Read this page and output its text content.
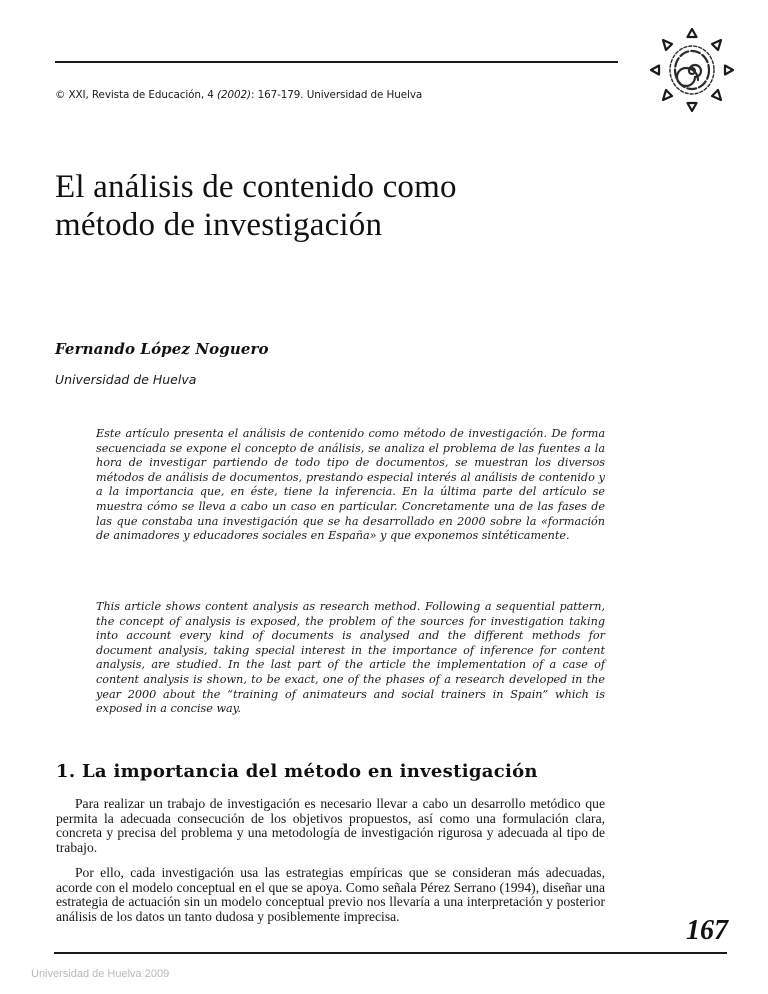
© XXI, Revista de Educación, 4 (2002): 167-179. Universidad de Huelva
El análisis de contenido como
método de investigación
Fernando López Noguero
Universidad de Huelva

Este artículo presenta el análisis de contenido como método de investigación. De forma secuenciada se expone el concepto de análisis, se analiza el problema de las fuentes a la hora de investigar partiendo de todo tipo de documentos, se muestran los diversos métodos de análisis de documentos, prestando especial interés al análisis de contenido y a la importancia que, en éste, tiene la inferencia. En la última parte del artículo se muestra cómo se lleva a cabo un caso en particular. Concretamente una de las fases de las que constaba una investigación que se ha desarrollado en 2000 sobre la «formación de animadores y educadores sociales en España» y que exponemos sintéticamente.

This article shows content analysis as research method. Following a sequential pattern, the concept of analysis is exposed, the problem of the sources for investigation taking into account every kind of documents is analysed and the different methods for document analysis, taking special interest in the importance of inference for content analysis, are studied. In the last part of the article the implementation of a case of content analysis is shown, to be exact, one of the phases of a research developed in the year 2000 about the “training of animateurs and social trainers in Spain” which is exposed in a concise way.

1. La importancia del método en investigación

Para realizar un trabajo de investigación es necesario llevar a cabo un desarrollo metódico que permita la adecuada consecución de los objetivos propuestos, así como una formulación clara, concreta y precisa del problema y una metodología de investigación rigurosa y adecuada al tipo de trabajo.

Por ello, cada investigación usa las estrategias empíricas que se consideran más adecuadas, acorde con el modelo conceptual en el que se apoya. Como señala Pérez Serrano (1994), diseñar una estrategia de actuación sin un modelo conceptual previo nos llevaría a una interpretación y posterior análisis de los datos un tanto dudosa y posiblemente imprecisa.	167
Universidad de Huelva 2009
